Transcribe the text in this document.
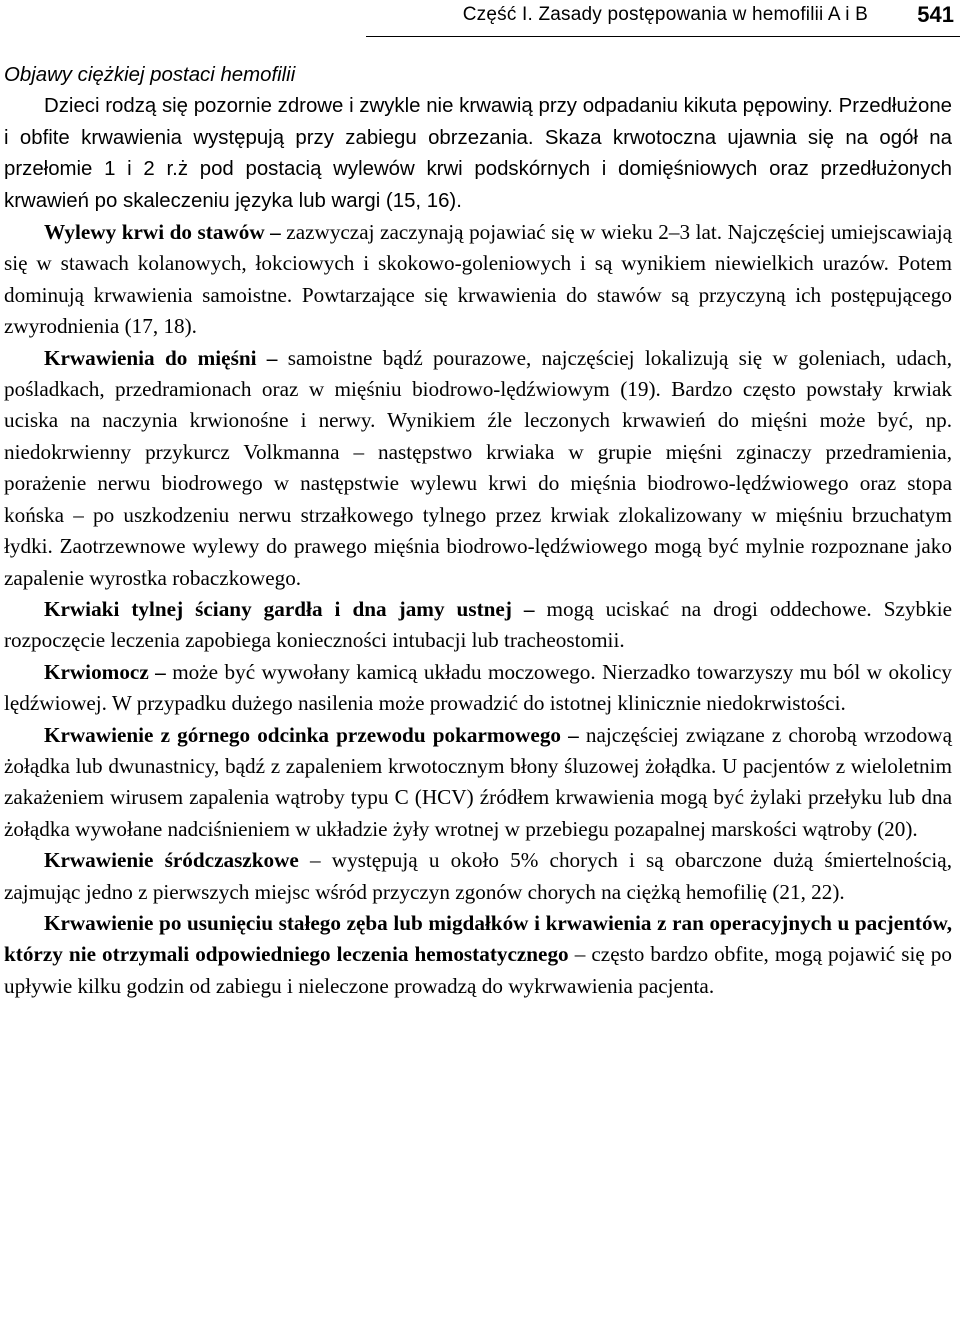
Część I. Zasady postępowania w hemofilii A i B 541
Objawy ciężkiej postaci hemofilii

Dzieci rodzą się pozornie zdrowe i zwykle nie krwawią przy odpadaniu kikuta pępowiny. Przedłużone i obfite krwawienia występują przy zabiegu obrzezania. Skaza krwotoczna ujawnia się na ogół na przełomie 1 i 2 r.ż pod postacią wylewów krwi podskórnych i domięśniowych oraz przedłużonych krwawień po skaleczeniu języka lub wargi (15, 16).

Wylewy krwi do stawów – zazwyczaj zaczynają pojawiać się w wieku 2–3 lat. Najczęściej umiejscawiają się w stawach kolanowych, łokciowych i skokowo-goleniowych i są wynikiem niewielkich urazów. Potem dominują krwawienia samoistne. Powtarzające się krwawienia do stawów są przyczyną ich postępującego zwyrodnienia (17, 18).

Krwawienia do mięśni – samoistne bądź pourazowe, najczęściej lokalizują się w goleniach, udach, pośladkach, przedramionach oraz w mięśniu biodrowo-lędźwiowym (19). Bardzo często powstały krwiak uciska na naczynia krwionośne i nerwy. Wynikiem źle leczonych krwawień do mięśni może być, np. niedokrwienny przykurcz Volkmanna – następstwo krwiaka w grupie mięśni zginaczy przedramienia, porażenie nerwu biodrowego w następstwie wylewu krwi do mięśnia biodrowo-lędźwiowego oraz stopa końska – po uszkodzeniu nerwu strzałkowego tylnego przez krwiak zlokalizowany w mięśniu brzuchatym łydki. Zaotrzewnowe wylewy do prawego mięśnia biodrowo-lędźwiowego mogą być mylnie rozpoznane jako zapalenie wyrostka robaczkowego.

Krwiaki tylnej ściany gardła i dna jamy ustnej – mogą uciskać na drogi oddechowe. Szybkie rozpoczęcie leczenia zapobiega konieczności intubacji lub tracheostomii.

Krwiomocz – może być wywołany kamicą układu moczowego. Nierzadko towarzyszy mu ból w okolicy lędźwiowej. W przypadku dużego nasilenia może prowadzić do istotnej klinicznie niedokrwistości.

Krwawienie z górnego odcinka przewodu pokarmowego – najczęściej związane z chorobą wrzodową żołądka lub dwunastnicy, bądź z zapaleniem krwotocznym błony śluzowej żołądka. U pacjentów z wieloletnim zakażeniem wirusem zapalenia wątroby typu C (HCV) źródłem krwawienia mogą być żylaki przełyku lub dna żołądka wywołane nadciśnieniem w układzie żyły wrotnej w przebiegu pozapalnej marskości wątroby (20).

Krwawienie śródczaszkowe – występują u około 5% chorych i są obarczone dużą śmiertelnością, zajmując jedno z pierwszych miejsc wśród przyczyn zgonów chorych na ciężką hemofilię (21, 22).

Krwawienie po usunięciu stałego zęba lub migdałków i krwawienia z ran operacyjnych u pacjentów, którzy nie otrzymali odpowiedniego leczenia hemostatycznego – często bardzo obfite, mogą pojawić się po upływie kilku godzin od zabiegu i nieleczone prowadzą do wykrwawienia pacjenta.
